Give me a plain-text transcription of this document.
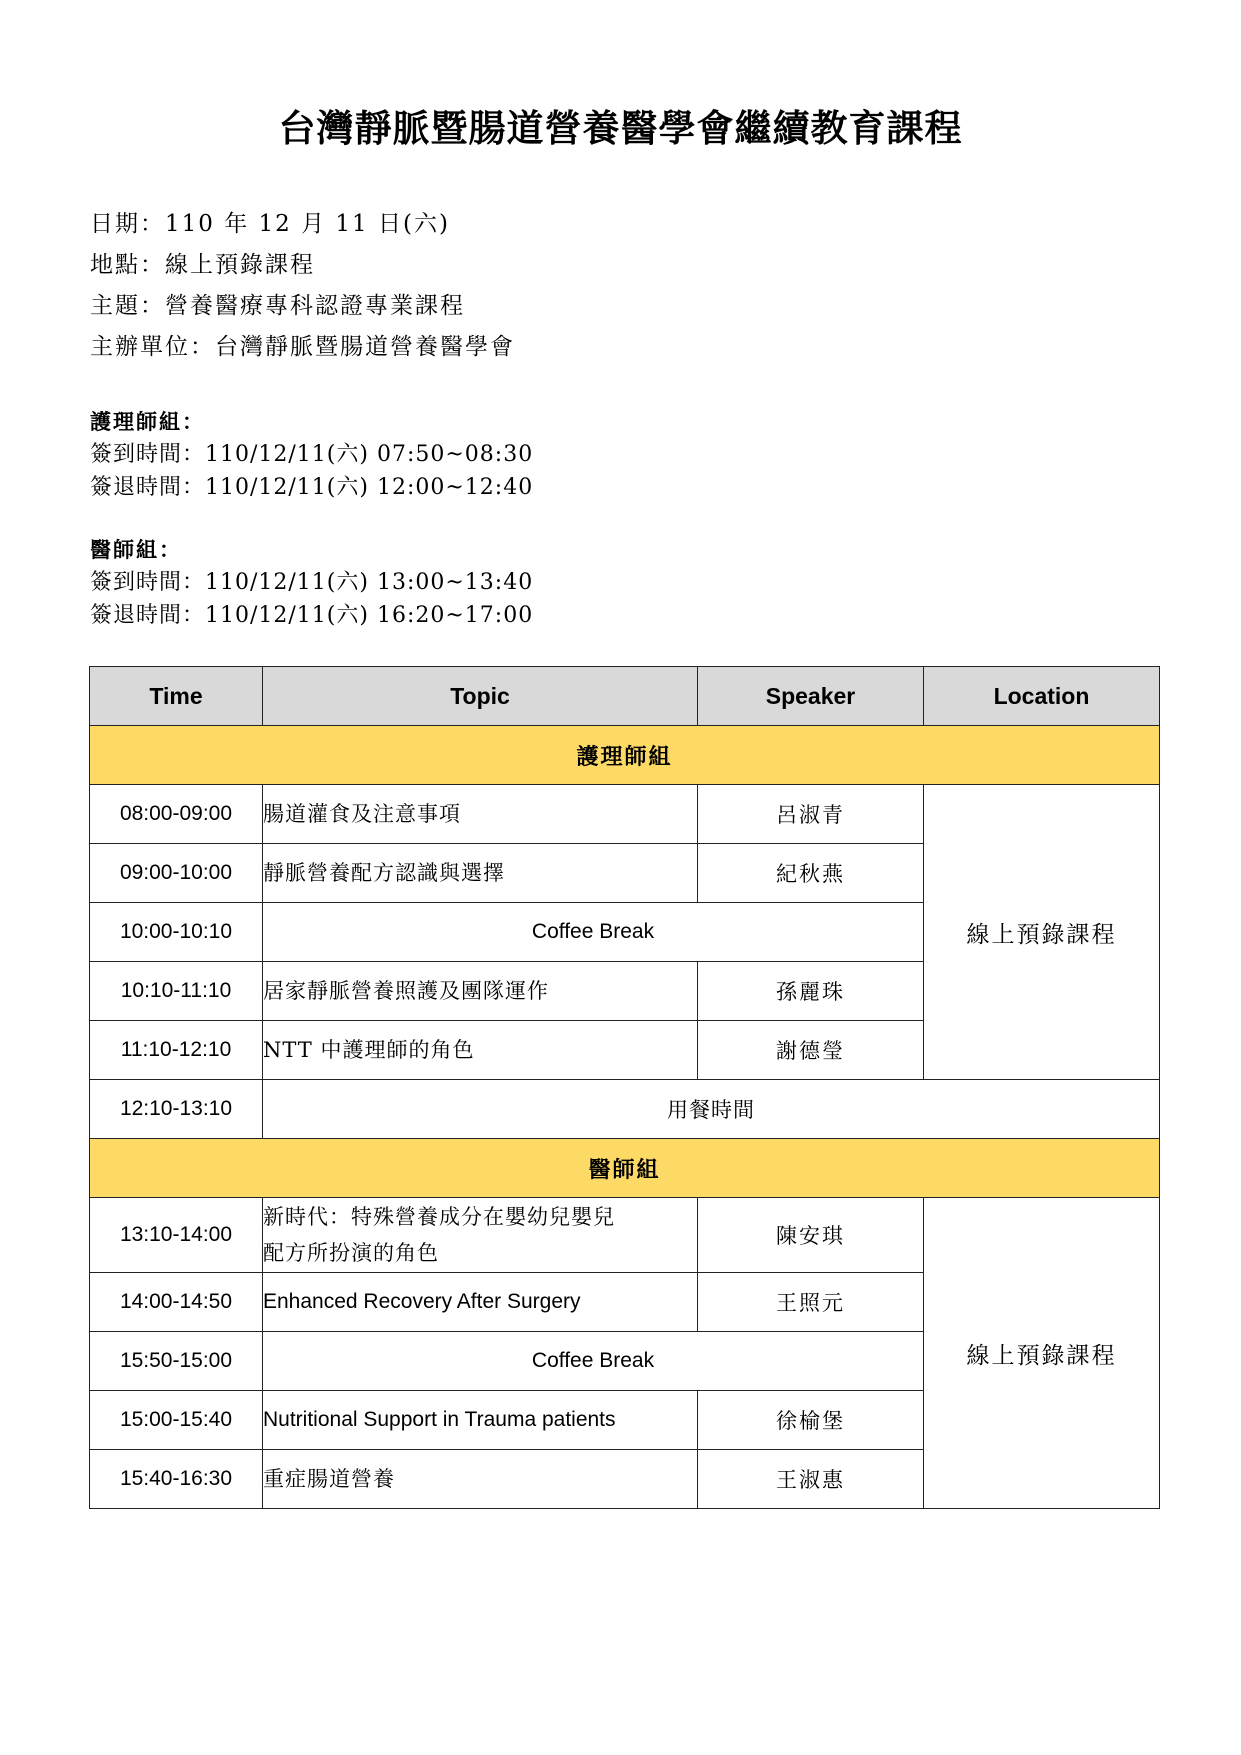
台灣靜脈暨腸道營養醫學會繼續教育課程
日期：110 年 12 月 11 日(六)
地點：線上預錄課程
主題：營養醫療專科認證專業課程
主辦單位：台灣靜脈暨腸道營養醫學會
護理師組：
簽到時間：110/12/11(六) 07:50~08:30
簽退時間：110/12/11(六) 12:00~12:40
醫師組：
簽到時間：110/12/11(六) 13:00~13:40
簽退時間：110/12/11(六) 16:20~17:00
Time	Topic	Speaker	Location
護理師組			
08:00-09:00	腸道灌食及注意事項	呂淑青	線上預錄課程
09:00-10:00	靜脈營養配方認識與選擇	紀秋燕	
10:00-10:10	Coffee Break		
10:10-11:10	居家靜脈營養照護及團隊運作	孫麗珠	
11:10-12:10	NTT 中護理師的角色	謝德瑩	
12:10-13:10	用餐時間		
醫師組			
13:10-14:00	新時代：特殊營養成分在嬰幼兒嬰兒
配方所扮演的角色	陳安琪	線上預錄課程
14:00-14:50	Enhanced Recovery After Surgery	王照元	
15:50-15:00	Coffee Break		
15:00-15:40	Nutritional Support in Trauma patients	徐榆堡	
15:40-16:30	重症腸道營養	王淑惠	
